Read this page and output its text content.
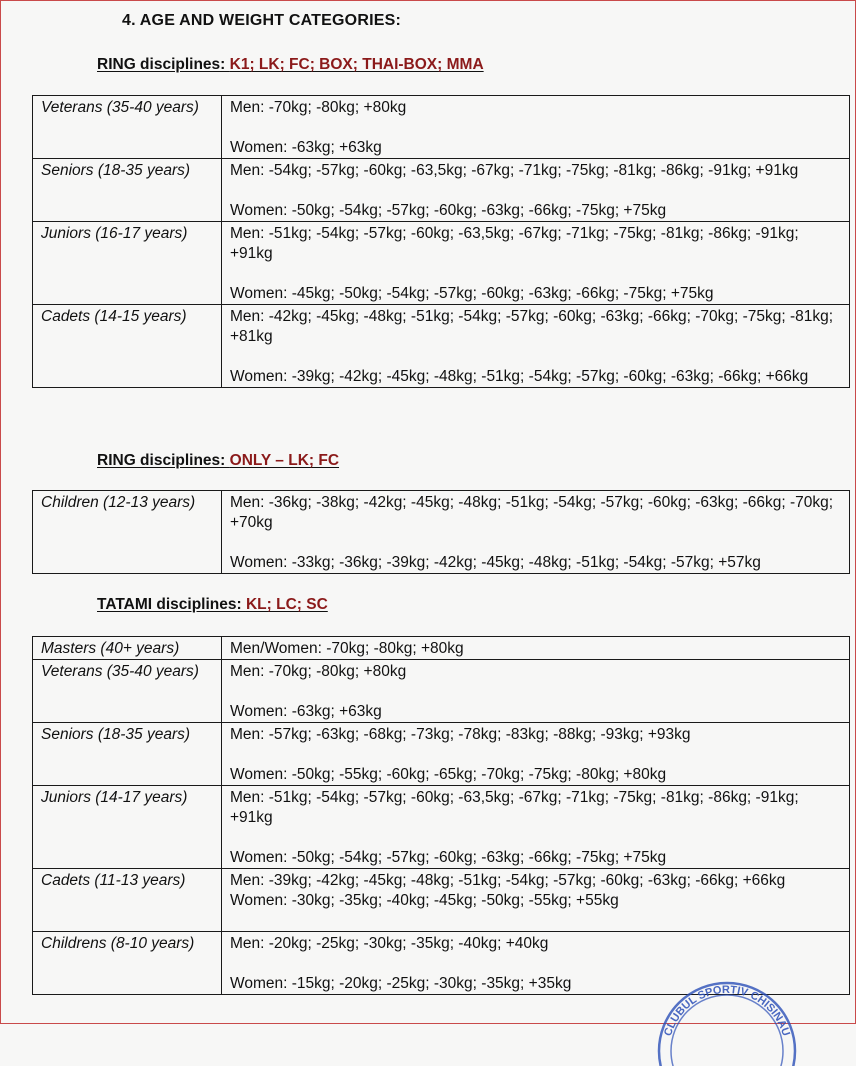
4. AGE AND WEIGHT CATEGORIES:

RING disciplines: K1; LK; FC; BOX; THAI-BOX; MMA

Veterans (35-40 years)	Men: -70kg; -80kg; +80kg
Women: -63kg; +63kg

Seniors (18-35 years)	Men: -54kg; -57kg; -60kg; -63,5kg; -67kg; -71kg; -75kg; -81kg; -86kg; -91kg; +91kg
Women: -50kg; -54kg; -57kg; -60kg; -63kg; -66kg; -75kg; +75kg

Juniors (16-17 years)	Men: -51kg; -54kg; -57kg; -60kg; -63,5kg; -67kg; -71kg; -75kg; -81kg; -86kg; -91kg; +91kg
Women: -45kg; -50kg; -54kg; -57kg; -60kg; -63kg; -66kg; -75kg; +75kg

Cadets (14-15 years)	Men: -42kg; -45kg; -48kg; -51kg; -54kg; -57kg; -60kg; -63kg; -66kg; -70kg; -75kg; -81kg; +81kg
Women: -39kg; -42kg; -45kg; -48kg; -51kg; -54kg; -57kg; -60kg; -63kg; -66kg; +66kg

RING disciplines: ONLY – LK; FC

Children (12-13 years)	Men: -36kg; -38kg; -42kg; -45kg; -48kg; -51kg; -54kg; -57kg; -60kg; -63kg; -66kg; -70kg; +70kg
Women: -33kg; -36kg; -39kg; -42kg; -45kg; -48kg; -51kg; -54kg; -57kg; +57kg

TATAMI disciplines: KL; LC; SC

Masters (40+ years)	Men/Women: -70kg; -80kg; +80kg

Veterans (35-40 years)	Men: -70kg; -80kg; +80kg
Women: -63kg; +63kg

Seniors (18-35 years)	Men: -57kg; -63kg; -68kg; -73kg; -78kg; -83kg; -88kg; -93kg; +93kg
Women: -50kg; -55kg; -60kg; -65kg; -70kg; -75kg; -80kg; +80kg

Juniors (14-17 years)	Men: -51kg; -54kg; -57kg; -60kg; -63,5kg; -67kg; -71kg; -75kg; -81kg; -86kg; -91kg; +91kg
Women: -50kg; -54kg; -57kg; -60kg; -63kg; -66kg; -75kg; +75kg

Cadets (11-13 years)	Men: -39kg; -42kg; -45kg; -48kg; -51kg; -54kg; -57kg; -60kg; -63kg; -66kg; +66kg Women: -30kg; -35kg; -40kg; -45kg; -50kg; -55kg; +55kg

Childrens (8-10 years)	Men: -20kg; -25kg; -30kg; -35kg; -40kg; +40kg
Women: -15kg; -20kg; -25kg; -30kg; -35kg; +35kg
CLUBUL SPORTIV CHISINAU
